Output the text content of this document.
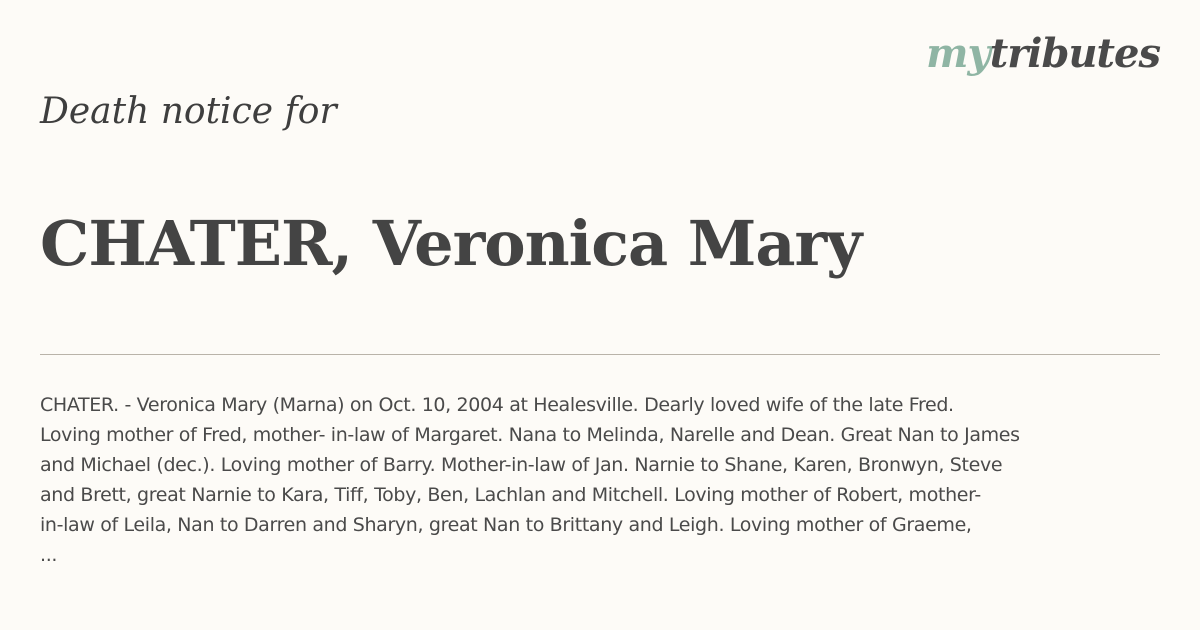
mytributes
Death notice for
CHATER, Veronica Mary
CHATER. - Veronica Mary (Marna) on Oct. 10, 2004 at Healesville. Dearly loved wife of the late Fred.
Loving mother of Fred, mother- in-law of Margaret. Nana to Melinda, Narelle and Dean. Great Nan to James
and Michael (dec.). Loving mother of Barry. Mother-in-law of Jan. Narnie to Shane, Karen, Bronwyn, Steve
and Brett, great Narnie to Kara, Tiff, Toby, Ben, Lachlan and Mitchell. Loving mother of Robert, mother-
in-law of Leila, Nan to Darren and Sharyn, great Nan to Brittany and Leigh. Loving mother of Graeme,
...
